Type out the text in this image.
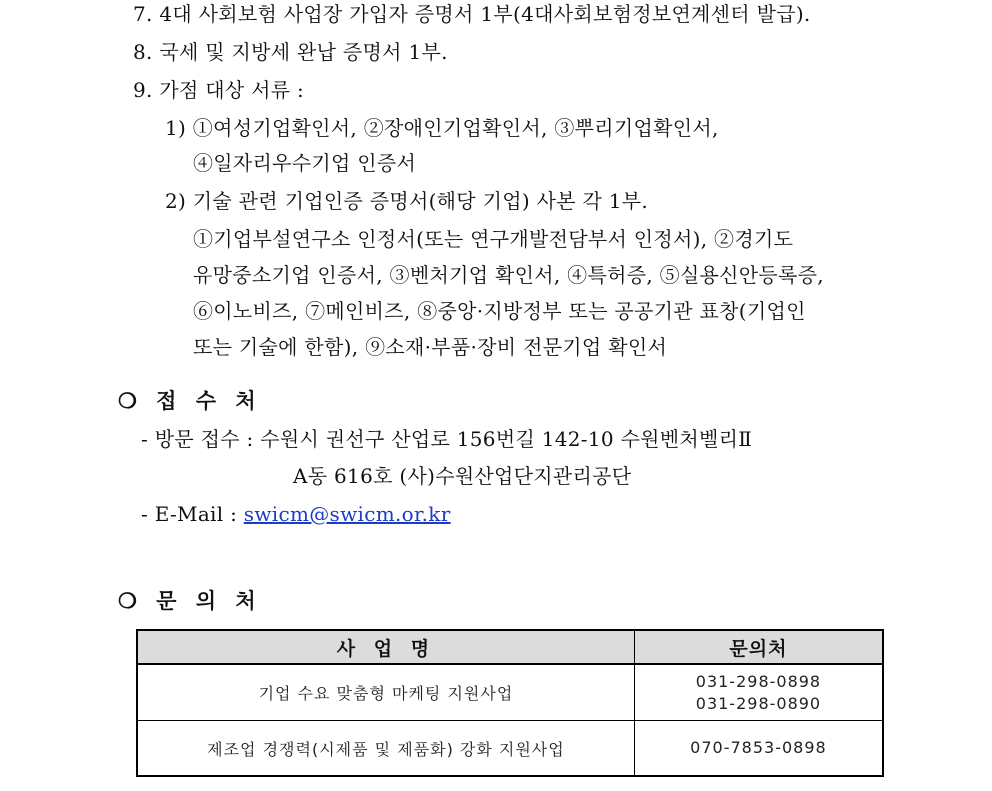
7. 4대 사회보험 사업장 가입자 증명서 1부(4대사회보험정보연계센터 발급).
8. 국세 및 지방세 완납 증명서 1부.
9. 가점 대상 서류 :
1) ①여성기업확인서, ②장애인기업확인서, ③뿌리기업확인서,
④일자리우수기업 인증서
2) 기술 관련 기업인증 증명서(해당 기업) 사본 각 1부.
①기업부설연구소 인정서(또는 연구개발전담부서 인정서), ②경기도
유망중소기업 인증서, ③벤처기업 확인서, ④특허증, ⑤실용신안등록증,
⑥이노비즈, ⑦메인비즈, ⑧중앙·지방정부 또는 공공기관 표창(기업인
또는 기술에 한함), ⑨소재·부품·장비 전문기업 확인서
❍ 접 수 처
- 방문 접수 : 수원시 권선구 산업로 156번길 142-10 수원벤처벨리Ⅱ
A동 616호 (사)수원산업단지관리공단
- E-Mail : swicm@swicm.or.kr
❍ 문 의 처
사 업 명	문의처
기업 수요 맞춤형 마케팅 지원사업	031-298-0898
031-298-0890

제조업 경쟁력(시제품 및 제품화) 강화 지원사업	070-7853-0898
